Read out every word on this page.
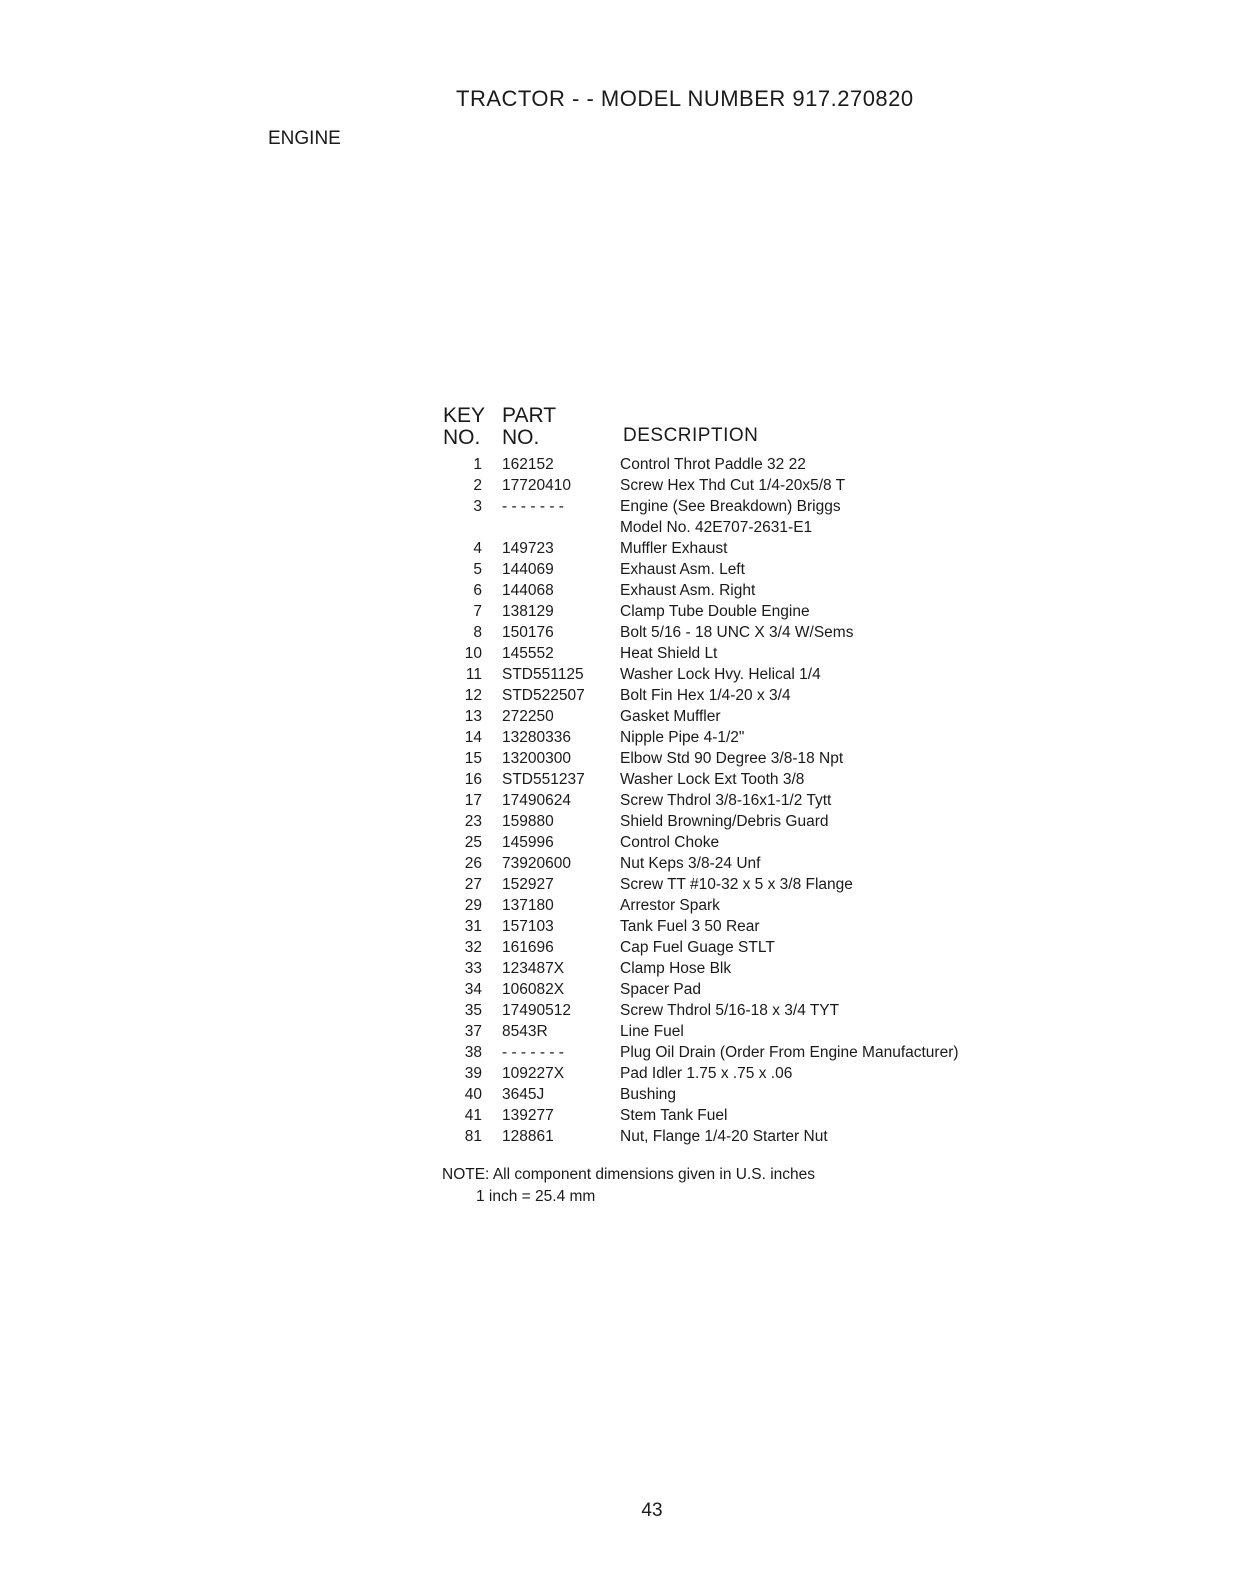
TRACTOR - - MODEL NUMBER 917.270820
ENGINE
KEY
NO.
PART
NO.	DESCRIPTION
1	162152	Control Throt Paddle 32 22
2	17720410	Screw Hex Thd Cut 1/4-20x5/8 T
3	- - - - - - -	Engine (See Breakdown) Briggs
		Model No. 42E707-2631-E1
4	149723	Muffler Exhaust
5	144069	Exhaust Asm. Left
6	144068	Exhaust Asm. Right
7	138129	Clamp Tube Double Engine
8	150176	Bolt 5/16 - 18 UNC X 3/4 W/Sems
10	145552	Heat Shield Lt
11	STD551125	Washer Lock Hvy. Helical 1/4
12	STD522507	Bolt Fin Hex 1/4-20 x 3/4
13	272250	Gasket Muffler
14	13280336	Nipple Pipe 4-1/2"
15	13200300	Elbow Std 90 Degree 3/8-18 Npt
16	STD551237	Washer Lock Ext Tooth 3/8
17	17490624	Screw Thdrol 3/8-16x1-1/2 Tytt
23	159880	Shield Browning/Debris Guard
25	145996	Control Choke
26	73920600	Nut Keps 3/8-24 Unf
27	152927	Screw TT #10-32 x 5 x 3/8 Flange
29	137180	Arrestor Spark
31	157103	Tank Fuel 3 50 Rear
32	161696	Cap Fuel Guage STLT
33	123487X	Clamp Hose Blk
34	106082X	Spacer Pad
35	17490512	Screw Thdrol 5/16-18 x 3/4 TYT
37	8543R	Line Fuel
38	- - - - - - -	Plug Oil Drain (Order From Engine Manufacturer)
39	109227X	Pad Idler 1.75 x .75 x .06
40	3645J	Bushing
41	139277	Stem Tank Fuel
81	128861	Nut, Flange 1/4-20 Starter Nut
NOTE: All component dimensions given in U.S. inches
1 inch = 25.4 mm
43
